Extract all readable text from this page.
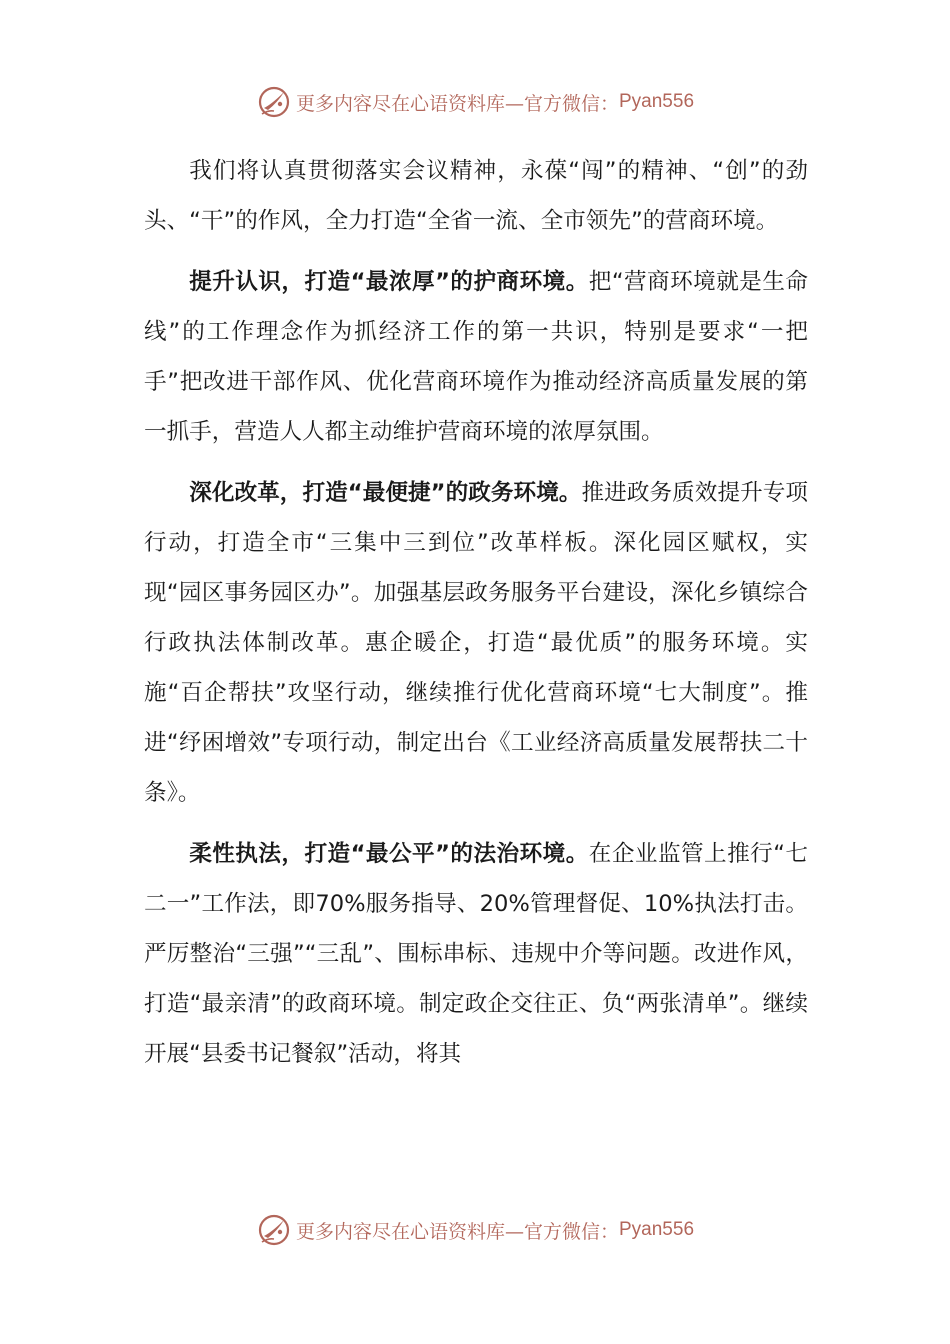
更多内容尽在心语资料库—官方微信： Pyan556

我们将认真贯彻落实会议精神，永葆“闯”的精神、“创”的劲头、“干”的作风，全力打造“全省一流、全市领先”的营商环境。

提升认识，打造“最浓厚”的护商环境。把“营商环境就是生命线”的工作理念作为抓经济工作的第一共识，特别是要求“一把手”把改进干部作风、优化营商环境作为推动经济高质量发展的第一抓手，营造人人都主动维护营商环境的浓厚氛围。

深化改革，打造“最便捷”的政务环境。推进政务质效提升专项行动，打造全市“三集中三到位”改革样板。深化园区赋权，实现“园区事务园区办”。加强基层政务服务平台建设，深化乡镇综合行政执法体制改革。惠企暖企，打造“最优质”的服务环境。实施“百企帮扶”攻坚行动，继续推行优化营商环境“七大制度”。推进“纾困增效”专项行动，制定出台《工业经济高质量发展帮扶二十条》。

柔性执法，打造“最公平”的法治环境。在企业监管上推行“七二一”工作法，即70%服务指导、20%管理督促、10%执法打击。严厉整治“三强”“三乱”、围标串标、违规中介等问题。改进作风，打造“最亲清”的政商环境。制定政企交往正、负“两张清单”。继续开展“县委书记餐叙”活动，将其

更多内容尽在心语资料库—官方微信： Pyan556
